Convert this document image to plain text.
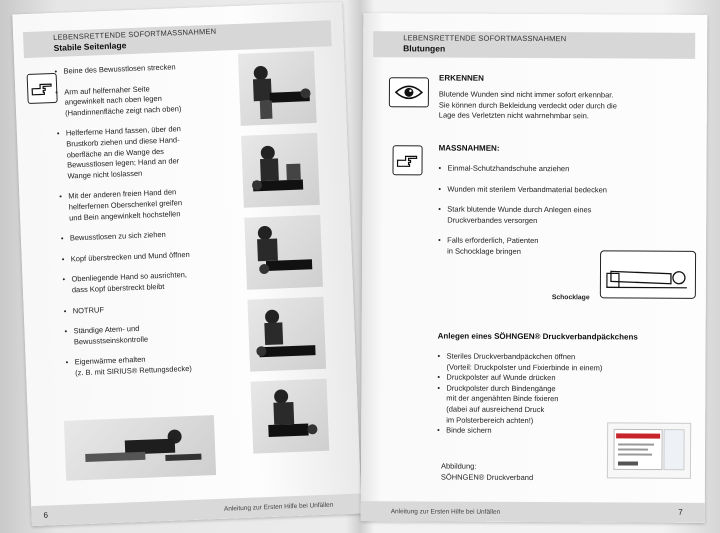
LEBENSRETTENDE SOFORTMASSNAHMEN
Stabile Seitenlage
• Beine des Bewusstlosen strecken
• Arm auf helfernaher Seite
angewinkelt nach oben legen
(Handinnenfläche zeigt nach oben)
• Helferferne Hand fassen, über den
Brustkorb ziehen und diese Hand-
oberfläche an die Wange des
Bewusstlosen legen; Hand an der
Wange nicht loslassen
• Mit der anderen freien Hand den
helferfernen Oberschenkel greifen
und Bein angewinkelt hochstellen
• Bewusstlosen zu sich ziehen
• Kopf überstrecken und Mund öffnen
• Obenliegende Hand so ausrichten,
dass Kopf überstreckt bleibt
• NOTRUF
• Ständige Atem- und
Bewusstseinskontrolle
• Eigenwärme erhalten
(z. B. mit SIRIUS® Rettungsdecke)
6
Anleitung zur Ersten Hilfe bei Unfällen
LEBENSRETTENDE SOFORTMASSNAHMEN
Blutungen
ERKENNEN
Blutende Wunden sind nicht immer sofort erkennbar.
Sie können durch Bekleidung verdeckt oder durch die
Lage des Verletzten nicht wahrnehmbar sein.
MASSNAHMEN:
• Einmal-Schutzhandschuhe anziehen
• Wunden mit sterilem Verbandmaterial bedecken
• Stark blutende Wunde durch Anlegen eines
Druckverbandes versorgen
• Falls erforderlich, Patienten
in Schocklage bringen
Schocklage
Anlegen eines SÖHNGEN® Druckverbandpäckchens
• Steriles Druckverbandpäckchen öffnen
(Vorteil: Druckpolster und Fixierbinde in einem)
• Druckpolster auf Wunde drücken
• Druckpolster durch Bindengänge
mit der angenähten Binde fixieren
(dabei auf ausreichend Druck
im Polsterbereich achten!)
• Binde sichern
Abbildung:
SÖHNGEN® Druckverband
Anleitung zur Ersten Hilfe bei Unfällen	7
